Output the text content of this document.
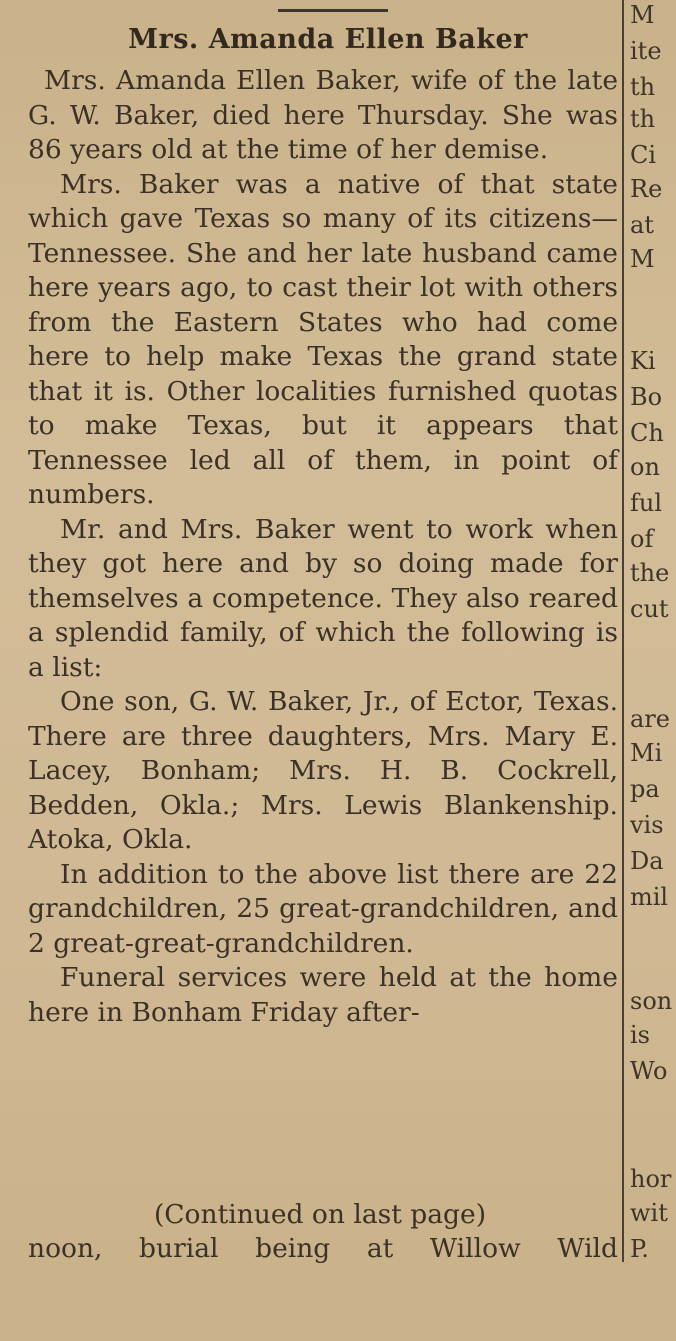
Mrs. Amanda Ellen Baker

Mrs. Amanda Ellen Baker, wife of the late G. W. Baker, died here Thursday. She was 86 years old at the time of her demise.

Mrs. Baker was a native of that state which gave Texas so many of its citizens—Tennessee. She and her late husband came here years ago, to cast their lot with others from the Eastern States who had come here to help make Texas the grand state that it is. Other localities furnished quotas to make Texas, but it appears that Tennessee led all of them, in point of numbers.

Mr. and Mrs. Baker went to work when they got here and by so doing made for themselves a competence. They also reared a splendid family, of which the following is a list:

One son, G. W. Baker, Jr., of Ector, Texas. There are three daughters, Mrs. Mary E. Lacey, Bonham; Mrs. H. B. Cockrell, Bedden, Okla.; Mrs. Lewis Blankenship. Atoka, Okla.

In addition to the above list there are 22 grandchildren, 25 great-grandchildren, and 2 great-great-grandchildren.

Funeral services were held at the home here in Bonham Friday after-

(Continued on last page)

noon, burial being at Willow Wild

M
ite
th
th
Ci
Re
at
M
Ki
Bo
Ch
on
ful
of
the
cut
are
Mi
pa
vis
Da
mil
son
is
Wo
hor
wit
P.
